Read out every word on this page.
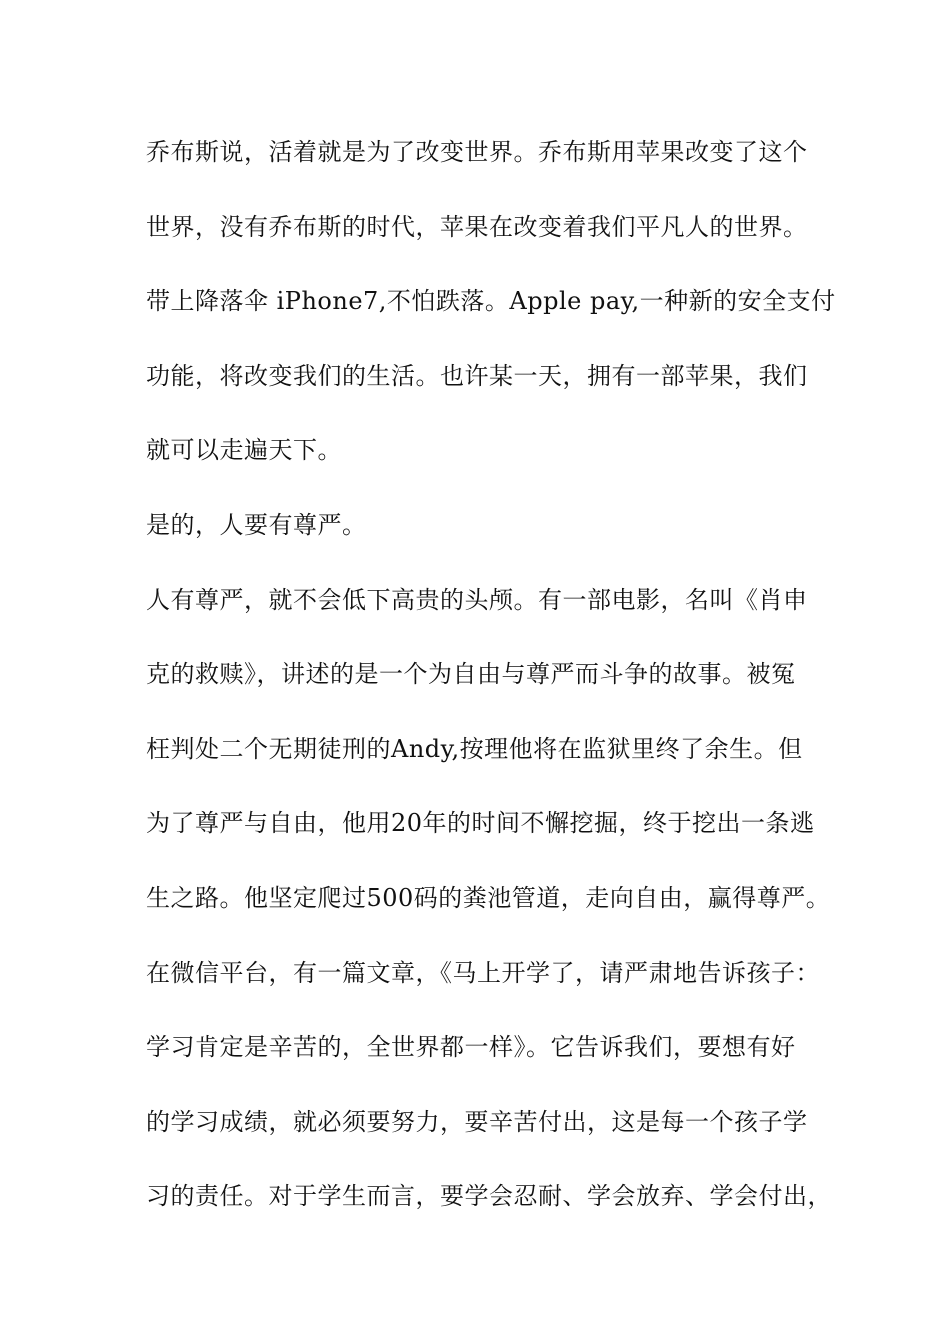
乔布斯说，活着就是为了改变世界。乔布斯用苹果改变了这个
世界，没有乔布斯的时代，苹果在改变着我们平凡人的世界。
带上降落伞 iPhone7,不怕跌落。Apple pay,一种新的安全支付
功能，将改变我们的生活。也许某一天，拥有一部苹果，我们
就可以走遍天下。
是的，人要有尊严。
人有尊严，就不会低下高贵的头颅。有一部电影，名叫《肖申
克的救赎》，讲述的是一个为自由与尊严而斗争的故事。被冤
枉判处二个无期徒刑的Andy,按理他将在监狱里终了余生。但
为了尊严与自由，他用20年的时间不懈挖掘，终于挖出一条逃
生之路。他坚定爬过500码的粪池管道，走向自由，赢得尊严。
在微信平台，有一篇文章，《马上开学了，请严肃地告诉孩子：
学习肯定是辛苦的，全世界都一样》。它告诉我们，要想有好
的学习成绩，就必须要努力，要辛苦付出，这是每一个孩子学
习的责任。对于学生而言，要学会忍耐、学会放弃、学会付出，
